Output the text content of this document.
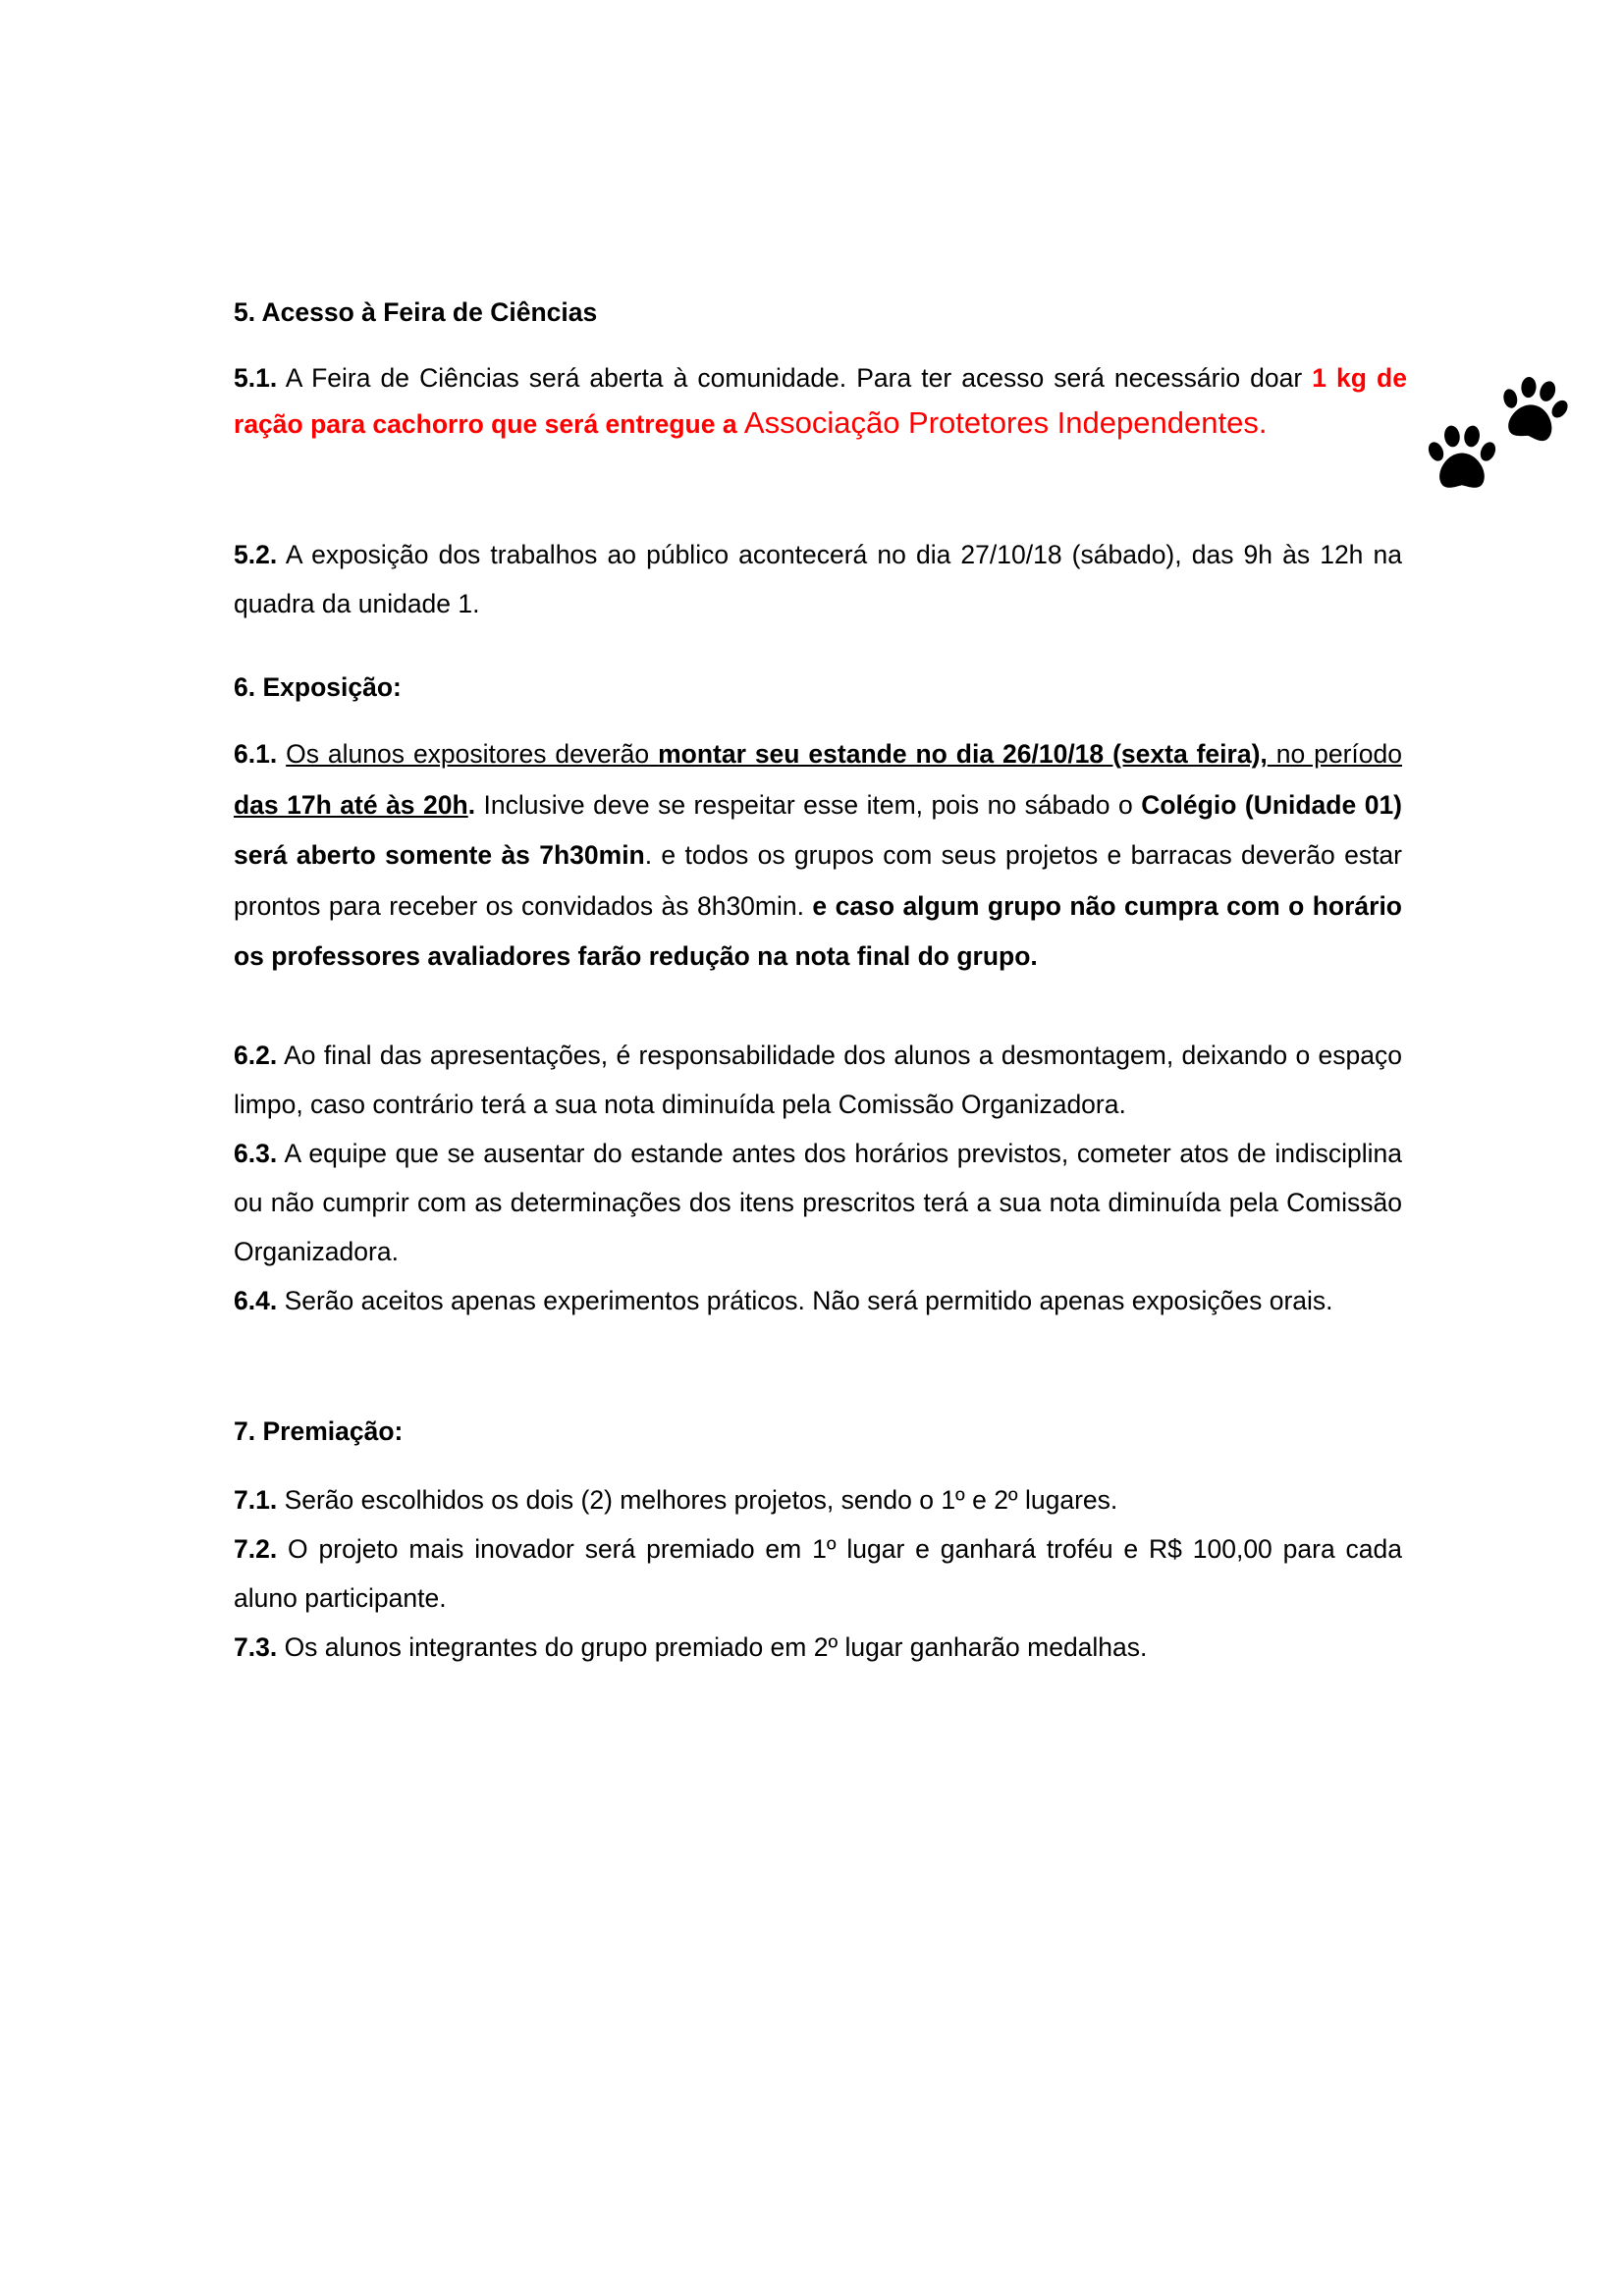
5. Acesso à Feira de Ciências

5.1. A Feira de Ciências será aberta à comunidade. Para ter acesso será necessário doar 1 kg de ração para cachorro que será entregue a Associação Protetores Independentes.

5.2. A exposição dos trabalhos ao público acontecerá no dia 27/10/18 (sábado), das 9h às 12h na quadra da unidade 1.

6. Exposição:

6.1. Os alunos expositores deverão montar seu estande no dia 26/10/18 (sexta feira), no período das 17h até às 20h. Inclusive deve se respeitar esse item, pois no sábado o Colégio (Unidade 01) será aberto somente às 7h30min. e todos os grupos com seus projetos e barracas deverão estar prontos para receber os convidados às 8h30min. e caso algum grupo não cumpra com o horário os professores avaliadores farão redução na nota final do grupo.

6.2. Ao final das apresentações, é responsabilidade dos alunos a desmontagem, deixando o espaço limpo, caso contrário terá a sua nota diminuída pela Comissão Organizadora.

6.3. A equipe que se ausentar do estande antes dos horários previstos, cometer atos de indisciplina ou não cumprir com as determinações dos itens prescritos terá a sua nota diminuída pela Comissão Organizadora.

6.4. Serão aceitos apenas experimentos práticos. Não será permitido apenas exposições orais.

7. Premiação:

7.1. Serão escolhidos os dois (2) melhores projetos, sendo o 1º e 2º lugares.

7.2. O projeto mais inovador será premiado em 1º lugar e ganhará troféu e R$ 100,00 para cada aluno participante.

7.3. Os alunos integrantes do grupo premiado em 2º lugar ganharão medalhas.
